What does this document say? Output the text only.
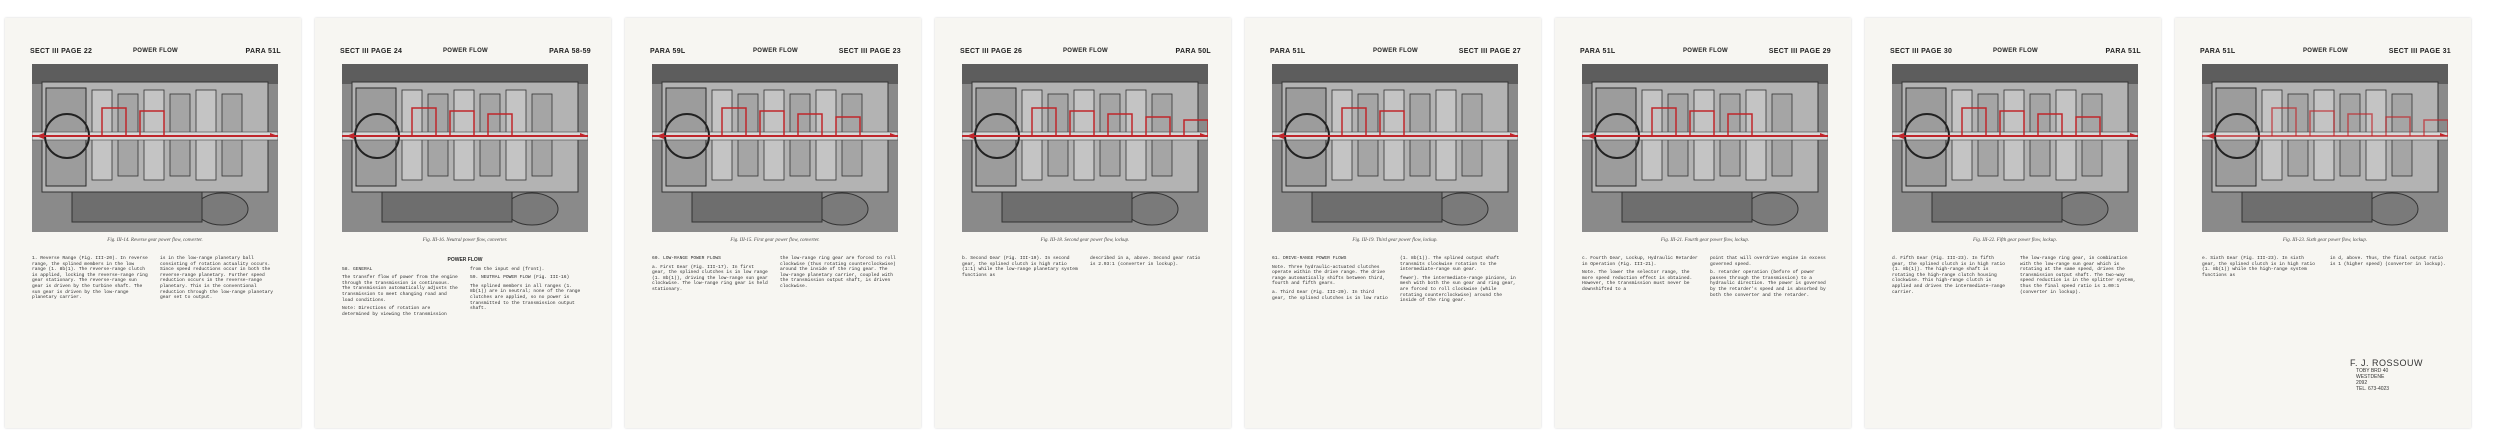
SECT III PAGE 22	POWER FLOW	PARA 51L
Fig. III-14. Reverse gear power flow, converter.

1. Reverse Range (Fig. III-20). In reverse range, the splined members in the low range (1. 8b(1). The reverse-range clutch is applied, locking the reverse-range ring gear stationary. The reverse-range sun gear is driven by the turbine shaft. The sun gear is driven by the low-range planetary carrier.

is in the low-range planetary ball consisting of rotation actuality occurs. Since speed reductions occur in both the reverse-range planetary. Further speed reduction occurs in the reverse-range planetary. This is the conventional reduction through the low-range planetary gear set to output.

SECT III PAGE 24	POWER FLOW	PARA 58-59
Fig. III-16. Neutral power flow, converter.
POWER FLOW

58. GENERAL

The transfer flow of power from the engine through the transmission is continuous. The transmission automatically adjusts the transmission to meet changing road and load conditions.

Note: Directions of rotation are determined by viewing the transmission from the input end (front).

59. NEUTRAL POWER FLOW (Fig. III-16)

The splined members in all ranges (1. 8b(1)) are in neutral; none of the range clutches are applied, so no power is transmitted to the transmission output shaft.

PARA 59L	POWER FLOW	SECT III PAGE 23
Fig. III-15. First gear power flow, converter.

60. LOW-RANGE POWER FLOWS

a. First Gear (Fig. III-17). In first gear, the splined clutches is in low range (1. 8b(1)), driving the low-range sun gear clockwise. The low-range ring gear is held stationary.

the low-range ring gear are forced to roll clockwise (thus rotating counterclockwise) around the inside of the ring gear. The low-range planetary carrier, coupled with the transmission output shaft, is driven clockwise.

SECT III PAGE 26	POWER FLOW	PARA 50L
Fig. III-18. Second gear power flow, lockup.

b. Second Gear (Fig. III-19). In second gear, the splined clutch is high ratio (1:1) while the low-range planetary system functions as

described in a, above. Second gear ratio is 2.93:1 (converter in lockup).

PARA 51L	POWER FLOW	SECT III PAGE 27
Fig. III-19. Third gear power flow, lockup.

61. DRIVE-RANGE POWER FLOWS

Note. Three hydraulic-actuated clutches operate within the drive range. The drive range automatically shifts between third, fourth and fifth gears.

a. Third Gear (Fig. III-20). In third gear, the splined clutches is in low ratio (1. 8b(1)). The splined output shaft transmits clockwise rotation to the intermediate-range sun gear.

fewer). The intermediate-range pinions, in mesh with both the sun gear and ring gear, are forced to roll clockwise (while rotating counterclockwise) around the inside of the ring gear.

PARA 51L	POWER FLOW	SECT III PAGE 29
Fig. III-21. Fourth gear power flow, lockup.

c. Fourth Gear, Lockup, Hydraulic Retarder in Operation (Fig. III-21).

Note. The lower the selector range, the more speed reduction effect is obtained. However, the transmission must never be downshifted to a

point that will overdrive engine in excess governed speed.

b. retarder operation (before of power passes through the transmission) to a hydraulic direction. The power is governed by the retarder's speed and is absorbed by both the converter and the retarder.

SECT III PAGE 30	POWER FLOW	PARA 51L
Fig. III-22. Fifth gear power flow, lockup.

d. Fifth Gear (Fig. III-23). In fifth gear, the splined clutch is in high ratio (1. 8b(1)). The high-range shaft is rotating the high-range clutch housing clockwise. This high-range clutch is applied and drives the intermediate-range carrier.

The low-range ring gear, in combination with the low-range sun gear which is rotating at the same speed, drives the transmission output shaft. The two-way speed reduction is in the splitter system, thus the final speed ratio is 1.00:1 (converter in lockup).

PARA 51L	POWER FLOW	SECT III PAGE 31
Fig. III-23. Sixth gear power flow, lockup.

e. Sixth Gear (Fig. III-23). In sixth gear, the splined clutch is in high ratio (1. 8b(1)) while the high-range system functions as

in d, above. Thus, the final output ratio is 1 (higher speed) (converter in lockup).

F. J. ROSSOUW
TOBY BRD 40
WESTDENE
2092
TEL. 673-4023
